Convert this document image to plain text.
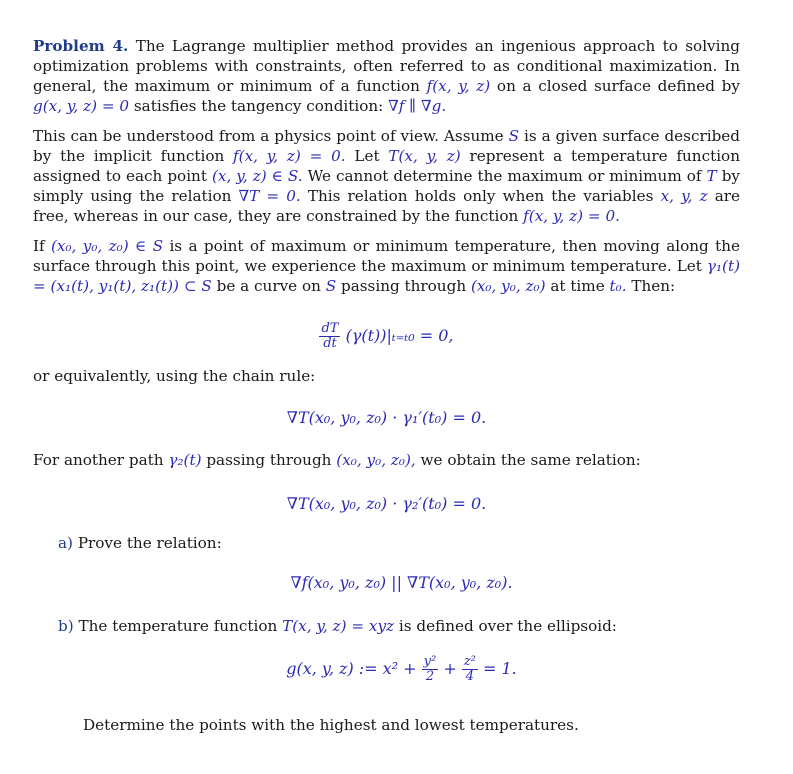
Problem 4. The Lagrange multiplier method provides an ingenious approach to solving optimization problems with constraints, often referred to as conditional maximization. In general, the maximum or minimum of a function f(x, y, z) on a closed surface defined by g(x, y, z) = 0 satisfies the tangency condition: ∇f ∥ ∇g.

This can be understood from a physics point of view. Assume S is a given surface described by the implicit function f(x, y, z) = 0. Let T(x, y, z) represent a temperature function assigned to each point (x, y, z) ∈ S. We cannot determine the maximum or minimum of T by simply using the relation ∇T = 0. This relation holds only when the variables x, y, z are free, whereas in our case, they are constrained by the function f(x, y, z) = 0.

If (x₀, y₀, z₀) ∈ S is a point of maximum or minimum temperature, then moving along the surface through this point, we experience the maximum or minimum temperature. Let γ₁(t) = (x₁(t), y₁(t), z₁(t)) ⊂ S be a curve on S passing through (x₀, y₀, z₀) at time t₀. Then:

$\frac{dT}{dt} (\gamma(t))|_{t=t0} = 0$,
or equivalently, using the chain rule:
∇T(x₀, y₀, z₀) · γ₁′(t₀) = 0.
For another path γ₂(t) passing through (x₀, y₀, z₀), we obtain the same relation:
∇T(x₀, y₀, z₀) · γ₂′(t₀) = 0.
a) Prove the relation:
∇f(x₀, y₀, z₀) || ∇T(x₀, y₀, z₀).
b) The temperature function T(x, y, z) = xyz is defined over the ellipsoid:
g(x, y, z) := $x^2 + \frac{\text{y²}}{2} + \frac{\text{z²}}{4} = 1$.
Determine the points with the highest and lowest temperatures.
